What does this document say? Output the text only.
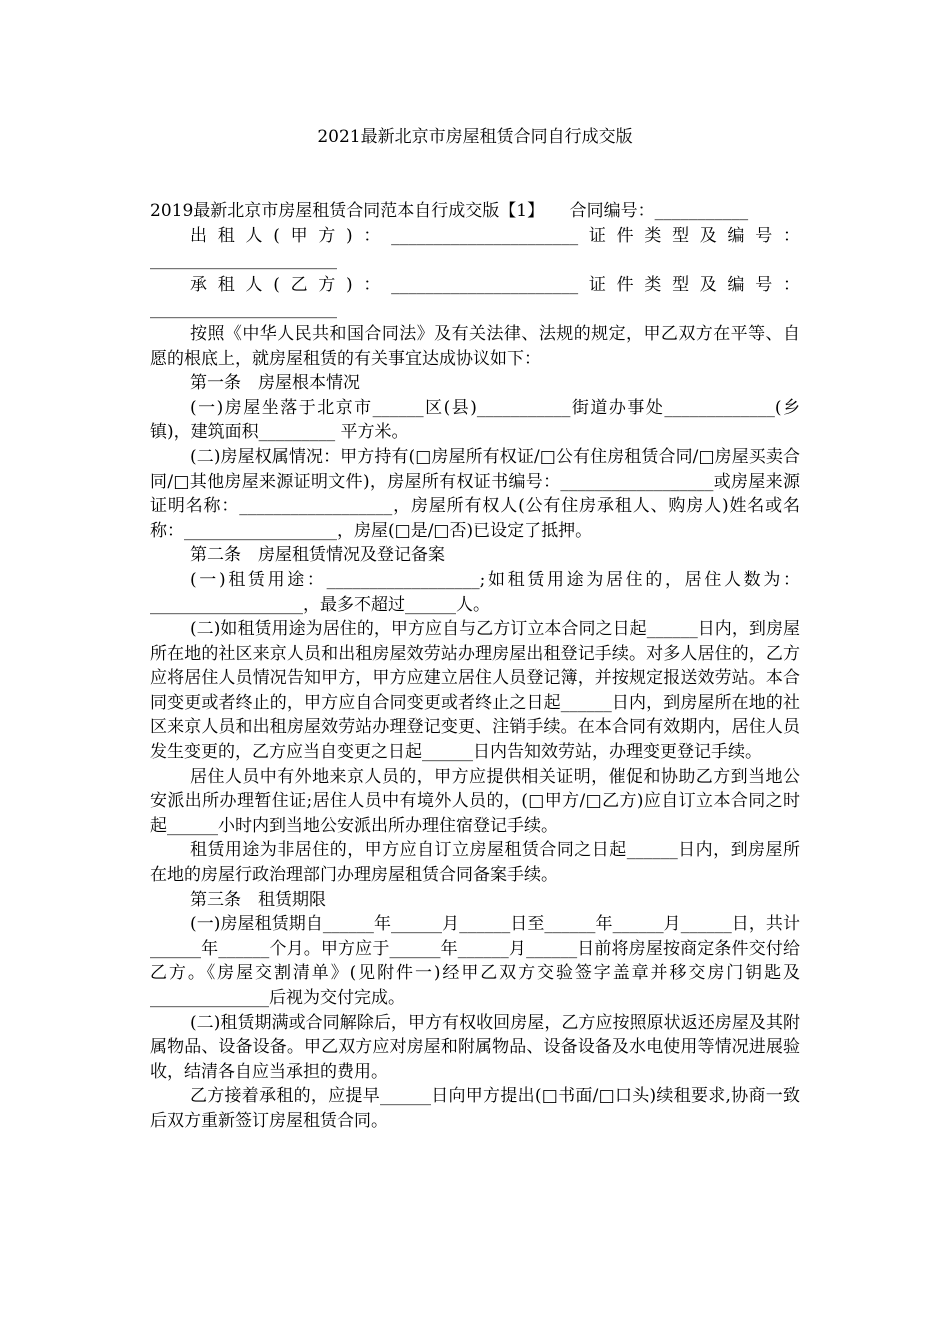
2021最新北京市房屋租赁合同自行成交版

2019最新北京市房屋租赁合同范本自行成交版【1】　　合同编号：___________

出租人(甲方)：______________________证件类型及编号：______________________

承租人(乙方)：______________________证件类型及编号：______________________

按照《中华人民共和国合同法》及有关法律、法规的规定，甲乙双方在平等、自愿的根底上，就房屋租赁的有关事宜达成协议如下：

第一条　房屋根本情况

(一)房屋坐落于北京市______区(县)___________街道办事处_____________(乡镇)，建筑面积_________ 平方米。

(二)房屋权属情况：甲方持有(□房屋所有权证/□公有住房租赁合同/□房屋买卖合同/□其他房屋来源证明文件)，房屋所有权证书编号：__________________或房屋来源证明名称：__________________，房屋所有权人(公有住房承租人、购房人)姓名或名称：__________________，房屋(□是/□否)已设定了抵押。

第二条　房屋租赁情况及登记备案

(一)租赁用途：__________________;如租赁用途为居住的，居住人数为：__________________，最多不超过______人。

(二)如租赁用途为居住的，甲方应自与乙方订立本合同之日起______日内，到房屋所在地的社区来京人员和出租房屋效劳站办理房屋出租登记手续。对多人居住的，乙方应将居住人员情况告知甲方，甲方应建立居住人员登记簿，并按规定报送效劳站。本合同变更或者终止的，甲方应自合同变更或者终止之日起______日内，到房屋所在地的社区来京人员和出租房屋效劳站办理登记变更、注销手续。在本合同有效期内，居住人员发生变更的，乙方应当自变更之日起______日内告知效劳站，办理变更登记手续。

居住人员中有外地来京人员的，甲方应提供相关证明，催促和协助乙方到当地公安派出所办理暂住证;居住人员中有境外人员的，(□甲方/□乙方)应自订立本合同之时起______小时内到当地公安派出所办理住宿登记手续。

租赁用途为非居住的，甲方应自订立房屋租赁合同之日起______日内，到房屋所在地的房屋行政治理部门办理房屋租赁合同备案手续。

第三条　租赁期限

(一)房屋租赁期自______年______月______日至______年______月______日，共计______年______个月。甲方应于______年______月______日前将房屋按商定条件交付给乙方。《房屋交割清单》(见附件一)经甲乙双方交验签字盖章并移交房门钥匙及______________后视为交付完成。

(二)租赁期满或合同解除后，甲方有权收回房屋，乙方应按照原状返还房屋及其附属物品、设备设备。甲乙双方应对房屋和附属物品、设备设备及水电使用等情况进展验收，结清各自应当承担的费用。

乙方接着承租的，应提早______日向甲方提出(□书面/□口头)续租要求,协商一致后双方重新签订房屋租赁合同。
